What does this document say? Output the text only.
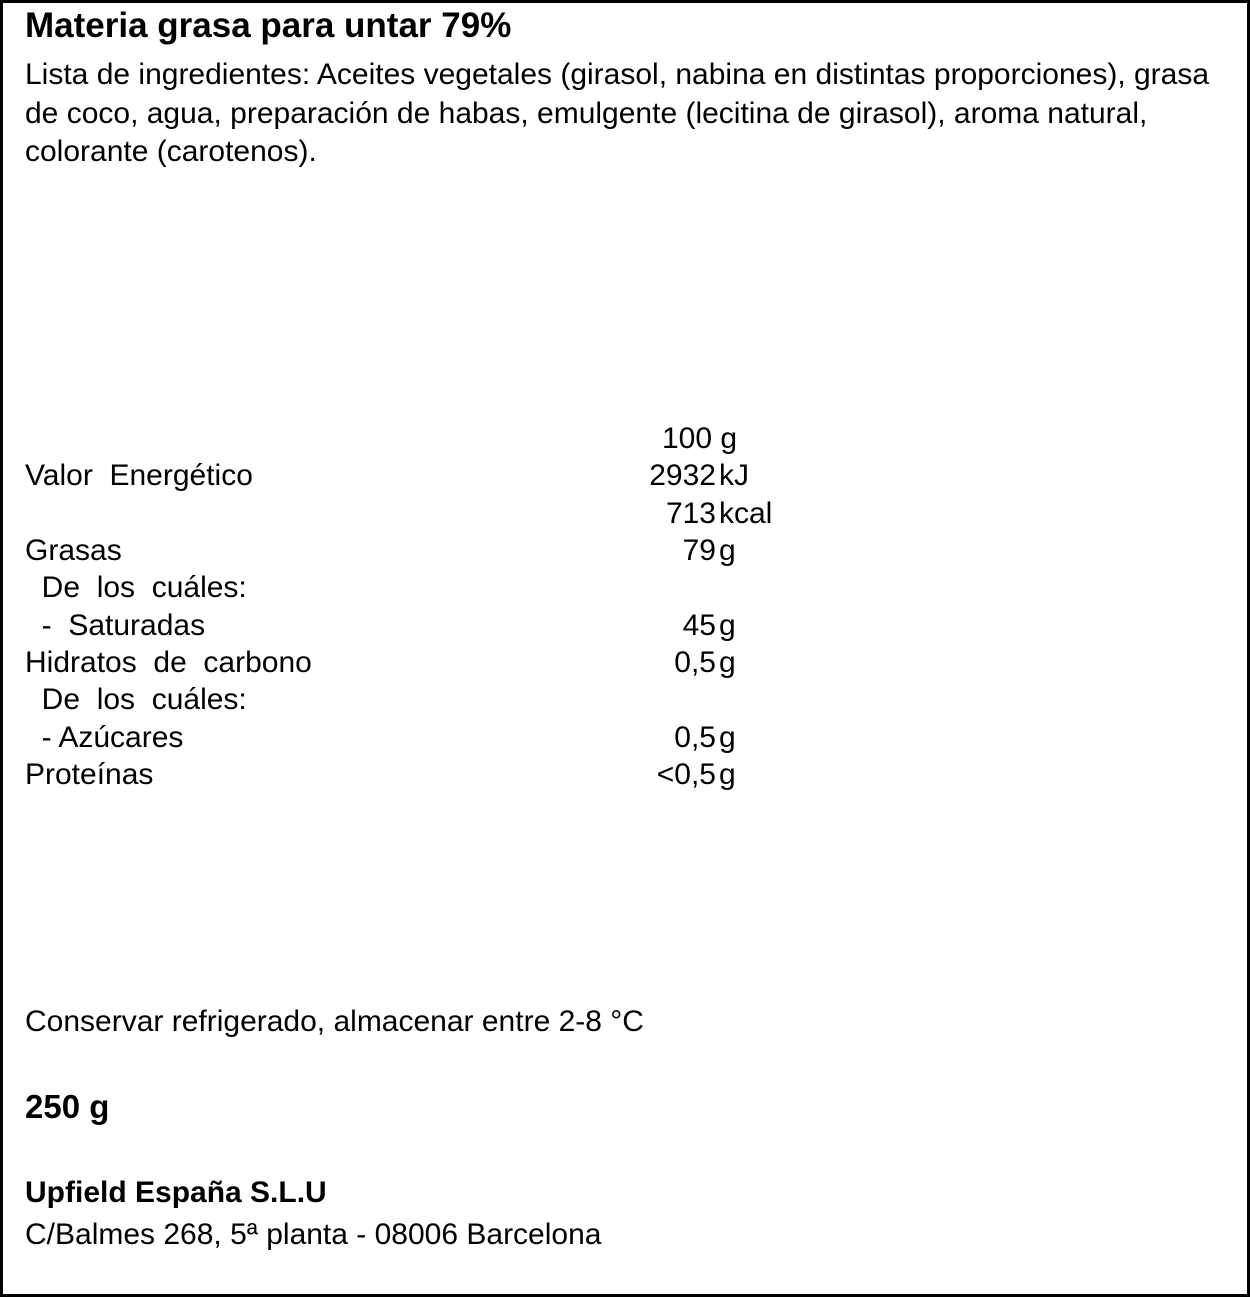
Materia grasa para untar 79%
Lista de ingredientes: Aceites vegetales (girasol, nabina en distintas proporciones), grasa de coco, agua, preparación de habas, emulgente (lecitina de girasol), aroma natural, colorante (carotenos).
100 g
Valor  Energético	2932 kJ
713 kcal
Grasas	79 g
De  los  cuáles:
-  Saturadas	45 g
Hidratos  de  carbono	0,5 g
De  los  cuáles:
- Azúcares	0,5 g
Proteínas	<0,5 g
Conservar refrigerado, almacenar entre 2-8 °C
250 g
Upfield España S.L.U
C/Balmes 268, 5ª planta - 08006 Barcelona
